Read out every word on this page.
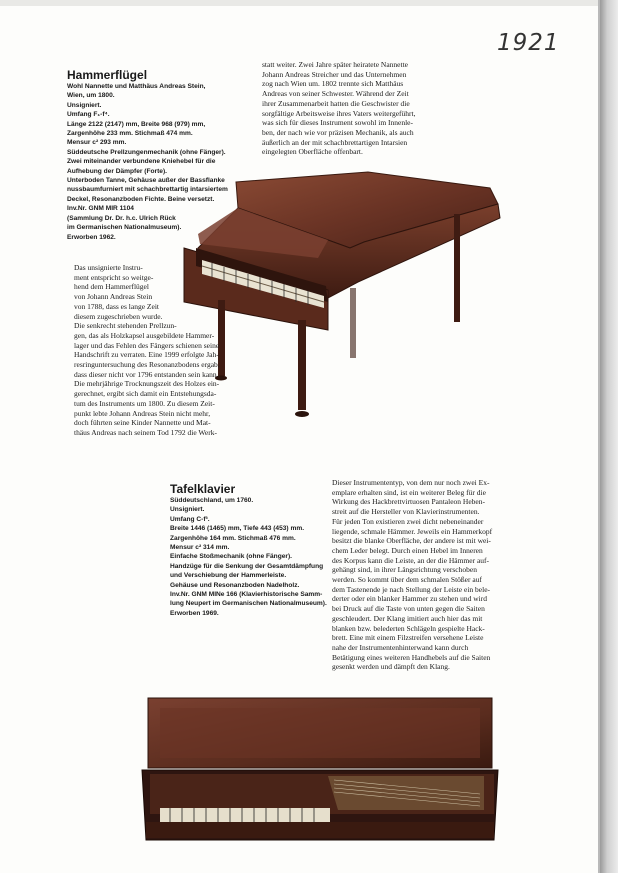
1921
Hammerflügel
Wohl Nannette und Matthäus Andreas Stein,
Wien, um 1800.
Unsigniert.
Umfang F₁-f⁴.
Länge 2122 (2147) mm, Breite 968 (979) mm,
Zargenhöhe 233 mm. Stichmaß 474 mm.
Mensur c² 293 mm.
Süddeutsche Prellzungenmechanik (ohne Fänger).
Zwei miteinander verbundene Kniehebel für die
Aufhebung der Dämpfer (Forte).
Unterboden Tanne, Gehäuse außer der Bassflanke
nussbaumfurniert mit schachbrettartig intarsiertem
Deckel, Resonanzboden Fichte. Beine versetzt.
Inv.Nr. GNM MIR 1104
(Sammlung Dr. Dr. h.c. Ulrich Rück
im Germanischen Nationalmuseum).
Erworben 1962.
statt weiter. Zwei Jahre später heiratete Nannette
Johann Andreas Streicher und das Unternehmen
zog nach Wien um. 1802 trennte sich Matthäus
Andreas von seiner Schwester. Während der Zeit
ihrer Zusammenarbeit hatten die Geschwister die
sorgfältige Arbeitsweise ihres Vaters weitergeführt,
was sich für dieses Instrument sowohl im Innenle-
ben, der nach wie vor präzisen Mechanik, als auch
äußerlich an der mit schachbrettartigen Intarsien
eingelegten Oberfläche offenbart.
Das unsignierte Instru-
ment entspricht so weitge-
hend dem Hammerflügel
von Johann Andreas Stein
von 1788, dass es lange Zeit
diesem zugeschrieben wurde.
Die senkrecht stehenden Prellzun-
gen, das als Holzkapsel ausgebildete Hammer-
lager und das Fehlen des Fängers schienen seine
Handschrift zu verraten. Eine 1999 erfolgte Jah-
resringuntersuchung des Resonanzbodens ergab,
dass dieser nicht vor 1796 entstanden sein kann.
Die mehrjährige Trocknungszeit des Holzes ein-
gerechnet, ergibt sich damit ein Entstehungsda-
tum des Instruments um 1800. Zu diesem Zeit-
punkt lebte Johann Andreas Stein nicht mehr,
doch führten seine Kinder Nannette und Mat-
thäus Andreas nach seinem Tod 1792 die Werk-
Tafelklavier
Süddeutschland, um 1760.
Unsigniert.
Umfang C-f³.
Breite 1446 (1465) mm, Tiefe 443 (453) mm.
Zargenhöhe 164 mm. Stichmaß 476 mm.
Mensur c² 314 mm.
Einfache Stoßmechanik (ohne Fänger).
Handzüge für die Senkung der Gesamtdämpfung
und Verschiebung der Hammerleiste.
Gehäuse und Resonanzboden Nadelholz.
Inv.Nr. GNM MINe 166 (Klavierhistorische Samm-
lung Neupert im Germanischen Nationalmuseum).
Erworben 1969.
Dieser Instrumententyp, von dem nur noch zwei Ex-
emplare erhalten sind, ist ein weiterer Beleg für die
Wirkung des Hackbrettvirtuosen Pantaleon Heben-
streit auf die Hersteller von Klavierinstrumenten.
Für jeden Ton existieren zwei dicht nebeneinander
liegende, schmale Hämmer. Jeweils ein Hammerkopf
besitzt die blanke Oberfläche, der andere ist mit wei-
chem Leder belegt. Durch einen Hebel im Inneren
des Korpus kann die Leiste, an der die Hämmer auf-
gehängt sind, in ihrer Längsrichtung verschoben
werden. So kommt über dem schmalen Stößer auf
dem Tastenende je nach Stellung der Leiste ein bele-
derter oder ein blanker Hammer zu stehen und wird
bei Druck auf die Taste von unten gegen die Saiten
geschleudert. Der Klang imitiert auch hier das mit
blanken bzw. belederten Schlägeln gespielte Hack-
brett. Eine mit einem Filzstreifen versehene Leiste
nahe der Instrumentenhinterwand kann durch
Betätigung eines weiteren Handhebels auf die Saiten
gesenkt werden und dämpft den Klang.
